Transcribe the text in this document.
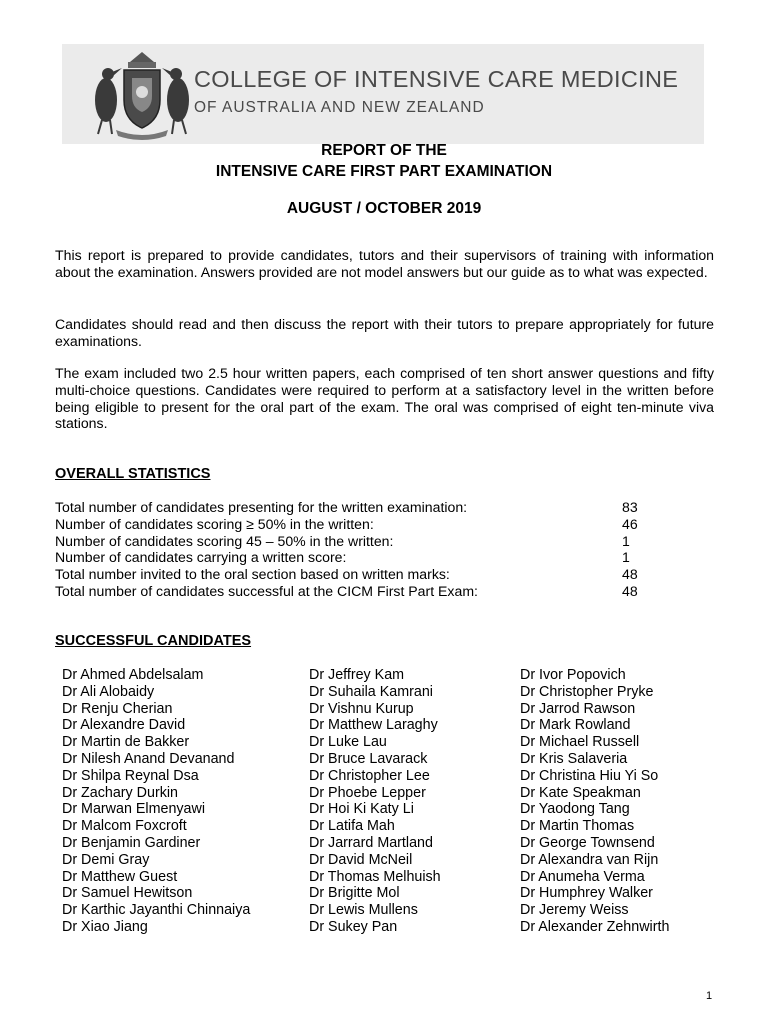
COLLEGE OF INTENSIVE CARE MEDICINE
OF AUSTRALIA AND NEW ZEALAND
REPORT OF THE
INTENSIVE CARE FIRST PART EXAMINATION
AUGUST / OCTOBER 2019
This report is prepared to provide candidates, tutors and their supervisors of training with information about the examination. Answers provided are not model answers but our guide as to what was expected.
Candidates should read and then discuss the report with their tutors to prepare appropriately for future examinations.
The exam included two 2.5 hour written papers, each comprised of ten short answer questions and fifty multi-choice questions. Candidates were required to perform at a satisfactory level in the written before being eligible to present for the oral part of the exam. The oral was comprised of eight ten-minute viva stations.
OVERALL STATISTICS
Total number of candidates presenting for the written examination:	83
Number of candidates scoring ≥ 50% in the written:	46
Number of candidates scoring 45 – 50% in the written:	1
Number of candidates carrying a written score:	1
Total number invited to the oral section based on written marks:	48
Total number of candidates successful at the CICM First Part Exam:	48
SUCCESSFUL CANDIDATES
Dr Ahmed Abdelsalam
Dr Ali Alobaidy
Dr Renju Cherian
Dr Alexandre David
Dr Martin de Bakker
Dr Nilesh Anand Devanand
Dr Shilpa Reynal Dsa
Dr Zachary Durkin
Dr Marwan Elmenyawi
Dr Malcom Foxcroft
Dr Benjamin Gardiner
Dr Demi Gray
Dr Matthew Guest
Dr Samuel Hewitson
Dr Karthic Jayanthi Chinnaiya
Dr Xiao Jiang
Dr Jeffrey Kam
Dr Suhaila Kamrani
Dr Vishnu Kurup
Dr Matthew Laraghy
Dr Luke Lau
Dr Bruce Lavarack
Dr Christopher Lee
Dr Phoebe Lepper
Dr Hoi Ki Katy Li
Dr Latifa Mah
Dr Jarrard Martland
Dr David McNeil
Dr Thomas Melhuish
Dr Brigitte Mol
Dr Lewis Mullens
Dr Sukey Pan
Dr Ivor Popovich
Dr Christopher Pryke
Dr Jarrod Rawson
Dr Mark Rowland
Dr Michael Russell
Dr Kris Salaveria
Dr Christina Hiu Yi So
Dr Kate Speakman
Dr Yaodong Tang
Dr Martin Thomas
Dr George Townsend
Dr Alexandra van Rijn
Dr Anumeha Verma
Dr Humphrey Walker
Dr Jeremy Weiss
Dr Alexander Zehnwirth
1
